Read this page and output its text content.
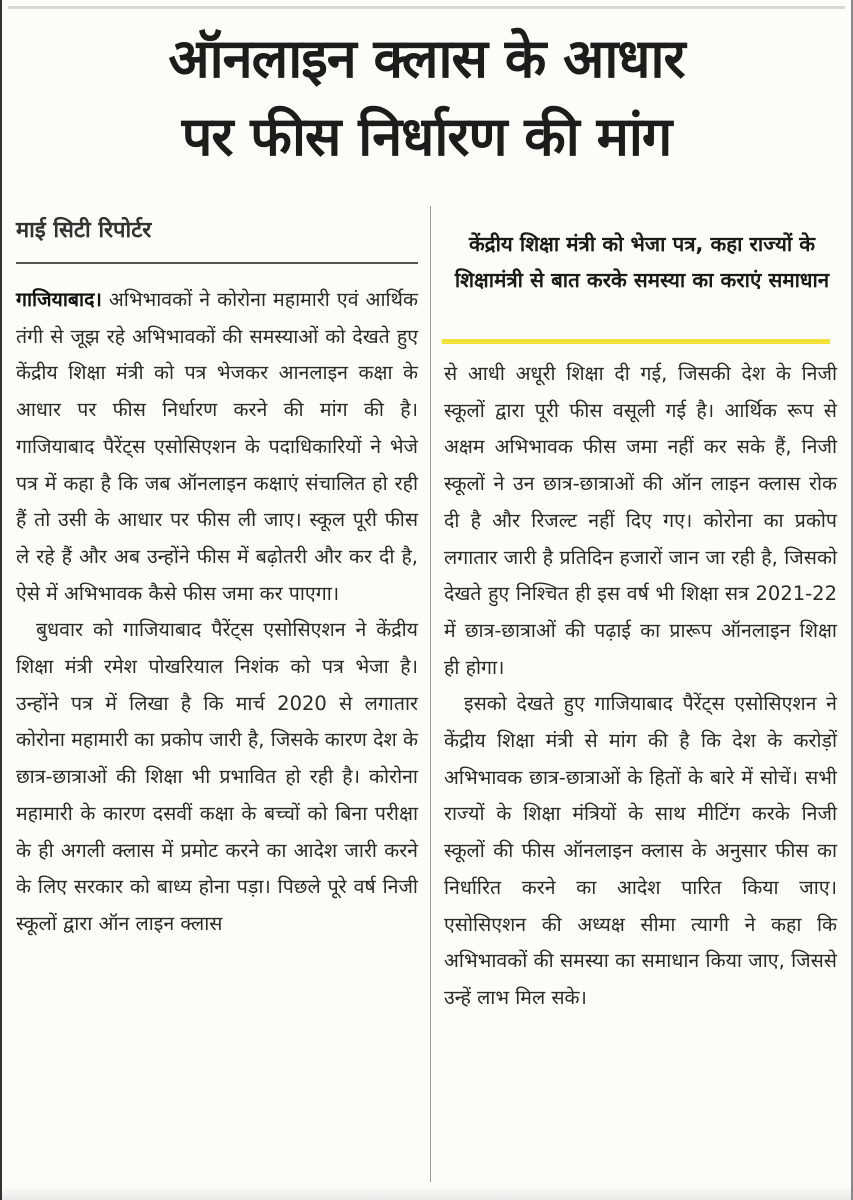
ऑनलाइन क्लास के आधार
पर फीस निर्धारण की मांग
माई सिटी रिपोर्टर
केंद्रीय शिक्षा मंत्री को भेजा पत्र, कहा राज्यों के शिक्षामंत्री से बात करके समस्या का कराएं समाधान

गाजियाबाद। अभिभावकों ने कोरोना महामारी एवं आर्थिक तंगी से जूझ रहे अभिभावकों की समस्याओं को देखते हुए केंद्रीय शिक्षा मंत्री को पत्र भेजकर आनलाइन कक्षा के आधार पर फीस निर्धारण करने की मांग की है। गाजियाबाद पैरेंट्स एसोसिएशन के पदाधिकारियों ने भेजे पत्र में कहा है कि जब ऑनलाइन कक्षाएं संचालित हो रही हैं तो उसी के आधार पर फीस ली जाए। स्कूल पूरी फीस ले रहे हैं और अब उन्होंने फीस में बढ़ोतरी और कर दी है, ऐसे में अभिभावक कैसे फीस जमा कर पाएगा।

बुधवार को गाजियाबाद पैरेंट्स एसोसिएशन ने केंद्रीय शिक्षा मंत्री रमेश पोखरियाल निशंक को पत्र भेजा है। उन्होंने पत्र में लिखा है कि मार्च 2020 से लगातार कोरोना महामारी का प्रकोप जारी है, जिसके कारण देश के छात्र-छात्राओं की शिक्षा भी प्रभावित हो रही है। कोरोना महामारी के कारण दसवीं कक्षा के बच्चों को बिना परीक्षा के ही अगली क्लास में प्रमोट करने का आदेश जारी करने के लिए सरकार को बाध्य होना पड़ा। पिछले पूरे वर्ष निजी स्कूलों द्वारा ऑन लाइन क्लास

से आधी अधूरी शिक्षा दी गई, जिसकी देश के निजी स्कूलों द्वारा पूरी फीस वसूली गई है। आर्थिक रूप से अक्षम अभिभावक फीस जमा नहीं कर सके हैं, निजी स्कूलों ने उन छात्र-छात्राओं की ऑन लाइन क्लास रोक दी है और रिजल्ट नहीं दिए गए। कोरोना का प्रकोप लगातार जारी है प्रतिदिन हजारों जान जा रही है, जिसको देखते हुए निश्चित ही इस वर्ष भी शिक्षा सत्र 2021-22 में छात्र-छात्राओं की पढ़ाई का प्रारूप ऑनलाइन शिक्षा ही होगा।

इसको देखते हुए गाजियाबाद पैरेंट्स एसोसिएशन ने केंद्रीय शिक्षा मंत्री से मांग की है कि देश के करोड़ों अभिभावक छात्र-छात्राओं के हितों के बारे में सोचें। सभी राज्यों के शिक्षा मंत्रियों के साथ मीटिंग करके निजी स्कूलों की फीस ऑनलाइन क्लास के अनुसार फीस का निर्धारित करने का आदेश पारित किया जाए। एसोसिएशन की अध्यक्ष सीमा त्यागी ने कहा कि अभिभावकों की समस्या का समाधान किया जाए, जिससे उन्हें लाभ मिल सके।
